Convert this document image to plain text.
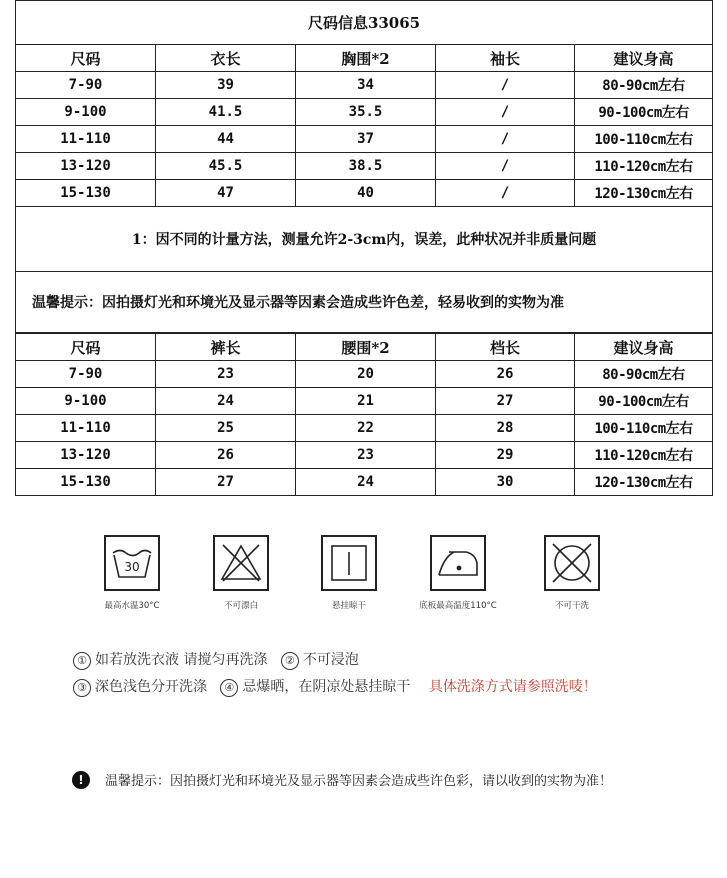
尺码信息33065				
尺码	衣长	胸围*2	袖长	建议身高
7-90	39	34	/	80-90cm左右
9-100	41.5	35.5	/	90-100cm左右
11-110	44	37	/	100-110cm左右
13-120	45.5	38.5	/	110-120cm左右
15-130	47	40	/	120-130cm左右
1：因不同的计量方法，测量允许2-3cm内，误差，此种状况并非质量问题				
温馨提示：因拍摄灯光和环境光及显示器等因素会造成些许色差，轻易收到的实物为准				
尺码	裤长	腰围*2	档长	建议身高
7-90	23	20	26	80-90cm左右
9-100	24	21	27	90-100cm左右
11-110	25	22	28	100-110cm左右
13-120	26	23	29	110-120cm左右
15-130	27	24	30	120-130cm左右
30
最高水温30°C	不可漂白	悬挂晾干	底板最高温度110°C	不可干洗
① 如若放洗衣液 请搅匀再洗涤 ② 不可浸泡
③ 深色浅色分开洗涤 ④ 忌爆晒，在阴凉处悬挂晾干 具体洗涤方式请参照洗唛！
!	温馨提示：因拍摄灯光和环境光及显示器等因素会造成些许色彩，请以收到的实物为准！
